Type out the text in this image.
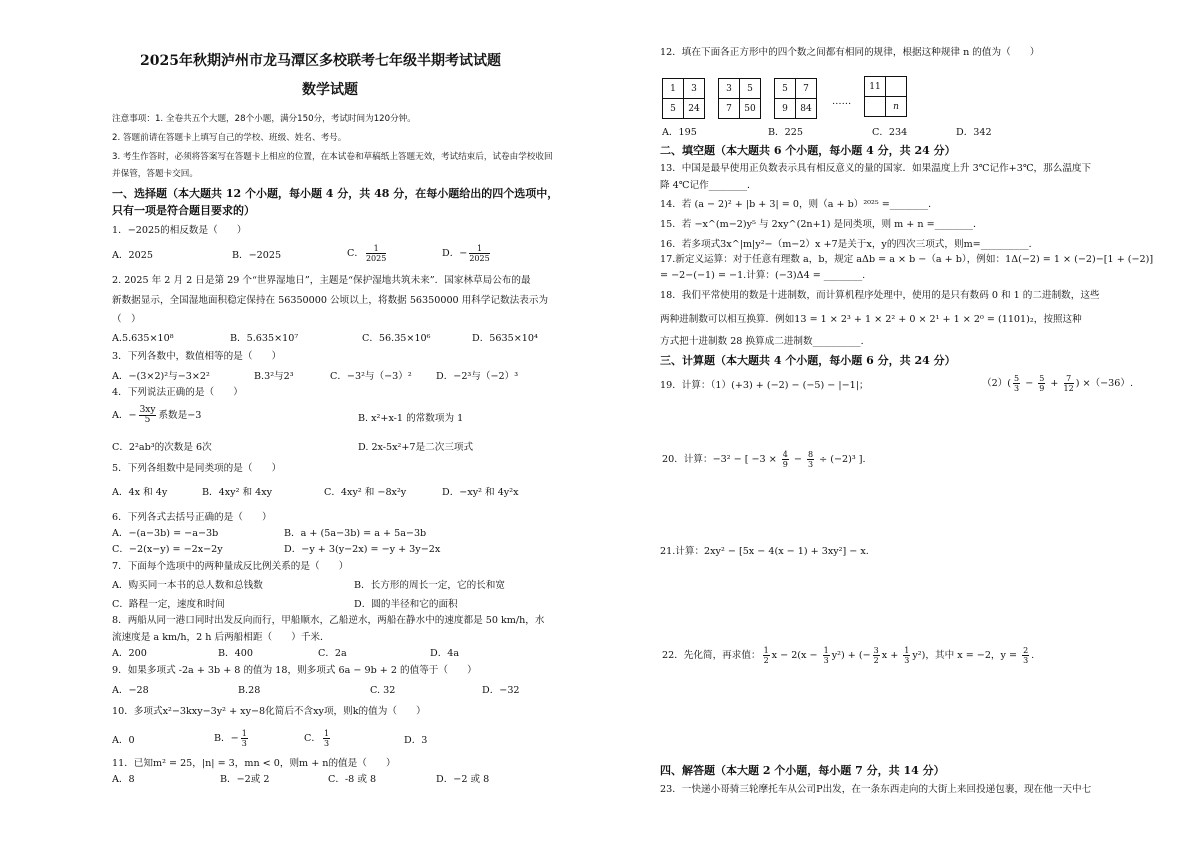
2025年秋期泸州市龙马潭区多校联考七年级半期考试试题
数学试题
注意事项：1. 全卷共五个大题，28个小题，满分150分，考试时间为120分钟。
2. 答题前请在答题卡上填写自己的学校、班级、姓名、考号。
3. 考生作答时，必须将答案写在答题卡上相应的位置，在本试卷和草稿纸上答题无效，考试结束后，试卷由学校收回
并保管，答题卡交回。
一、选择题（本大题共 12 个小题，每小题 4 分，共 48 分，在每小题给出的四个选项中，
只有一项是符合题目要求的）
1．−2025的相反数是（　　）
A．2025	B．−2025	C． $\frac{1}{2025}$	D．− $\frac{1}{2025}$
2. 2025 年 2 月 2 日是第 29 个“世界湿地日”，主题是“保护湿地共筑未来”．国家林草局公布的最
新数据显示，全国湿地面积稳定保持在 56350000 公顷以上，将数据 56350000 用科学记数法表示为
（　）
A.5.635×10⁸	B．5.635×10⁷	C．56.35×10⁶	D．5635×10⁴
3．下列各数中，数值相等的是（　　）
A．−(3×2)²与−3×2²	B.3²与2³	C．−3²与（−3）²	D．−2³与（−2）³
4．下列说法正确的是（　　）
A．− $\frac{3xy}{5}$ 系数是−3	B. x²+x-1 的常数项为 1
C．2²ab³的次数是 6次	D. 2x-5x²+7是二次三项式
5．下列各组数中是同类项的是（　　）
A．4x 和 4y	B．4xy² 和 4xy	C．4xy² 和 −8x²y	D．−xy² 和 4y²x
6．下列各式去括号正确的是（　　）
A．−(a−3b) = −a−3b	B．a + (5a−3b) = a + 5a−3b
C．−2(x−y) = −2x−2y	D．−y + 3(y−2x) = −y + 3y−2x
7．下面每个选项中的两种量成反比例关系的是（　　）
A．购买同一本书的总人数和总钱数	B．长方形的周长一定，它的长和宽
C．路程一定，速度和时间	D．圆的半径和它的面积
8．两船从同一港口同时出发反向而行，甲船顺水，乙船逆水，两船在静水中的速度都是 50 km/h，水
流速度是 a km/h，2 h 后两船相距（　　）千米．
A．200	B．400	C．2a	D．4a
9．如果多项式 -2a + 3b + 8 的值为 18，则多项式 6a − 9b + 2 的值等于（　　）
A．−28	B.28	C. 32	D．−32
10．多项式x²−3kxy−3y² + xy−8化简后不含xy项，则k的值为（　　）
A．0	B．− $\frac{1}{3}$	C． $\frac{1}{3}$	D．3
11．已知m² = 25，|n| = 3，mn < 0，则m + n的值是（　　）
A．8	B．−2或 2	C．-8 或 8	D．−2 或 8
12．填在下面各正方形中的四个数之间都有相同的规律，根据这种规律 n 的值为（　　）
1	3
5	24
3	5
7	50
5	7
9	84
……
11	
	n
A．195	B．225	C．234	D．342
二、填空题（本大题共 6 个小题，每小题 4 分，共 24 分）
13．中国是最早使用正负数表示具有相反意义的量的国家．如果温度上升 3℃记作+3℃，那么温度下
降 4℃记作________．
14．若 (a − 2)² + |b + 3| = 0，则（a + b）²⁰²⁵ =________．
15．若 −x^(m−2)y⁵ 与 2xy^(2n+1) 是同类项，则 m + n =________．
16．若多项式3x^|m|y²−（m−2）x +7是关于x，y的四次三项式，则m=__________．
17.新定义运算：对于任意有理数 a，b，规定 aΔb = a × b −（a + b），例如：1Δ(−2) = 1 × (−2)−[1 + (−2)]
= −2−(−1) = −1.计算：(−3)Δ4 = ________.
18．我们平常使用的数是十进制数，而计算机程序处理中，使用的是只有数码 0 和 1 的二进制数，这些
两种进制数可以相互换算．例如13 = 1 × 2³ + 1 × 2² + 0 × 2¹ + 1 × 2⁰ = (1101)₂，按照这种
方式把十进制数 28 换算成二进制数__________.
三、计算题（本大题共 4 个小题，每小题 6 分，共 24 分）
19．计算：（1）(+3) + (−2) − (−5) − |−1|；	$(2)( \frac{5}{3} - \frac{5}{9} + \frac{7}{12}$ ) ×（−36）.
20．计算：−3² − [ $-3 \times \frac{4}{9} - \frac{8}{3} \div (-2)^3$ ].
21.计算：2xy² − [5x − 4(x − 1) + 3xy²] − x.
22．先化简，再求值： $\frac{1}{2}$ $x - 2(x - \frac{1}{3} y^2)$ + (− $\frac{3}{2}$ $x + \frac{1}{3} y^2$)，其中 x = −2，$y = \frac{2}{3}$ .
四、解答题（本大题 2 个小题，每小题 7 分，共 14 分）
23．一快递小哥骑三轮摩托车从公司P出发，在一条东西走向的大街上来回投递包裹，现在他一天中七
